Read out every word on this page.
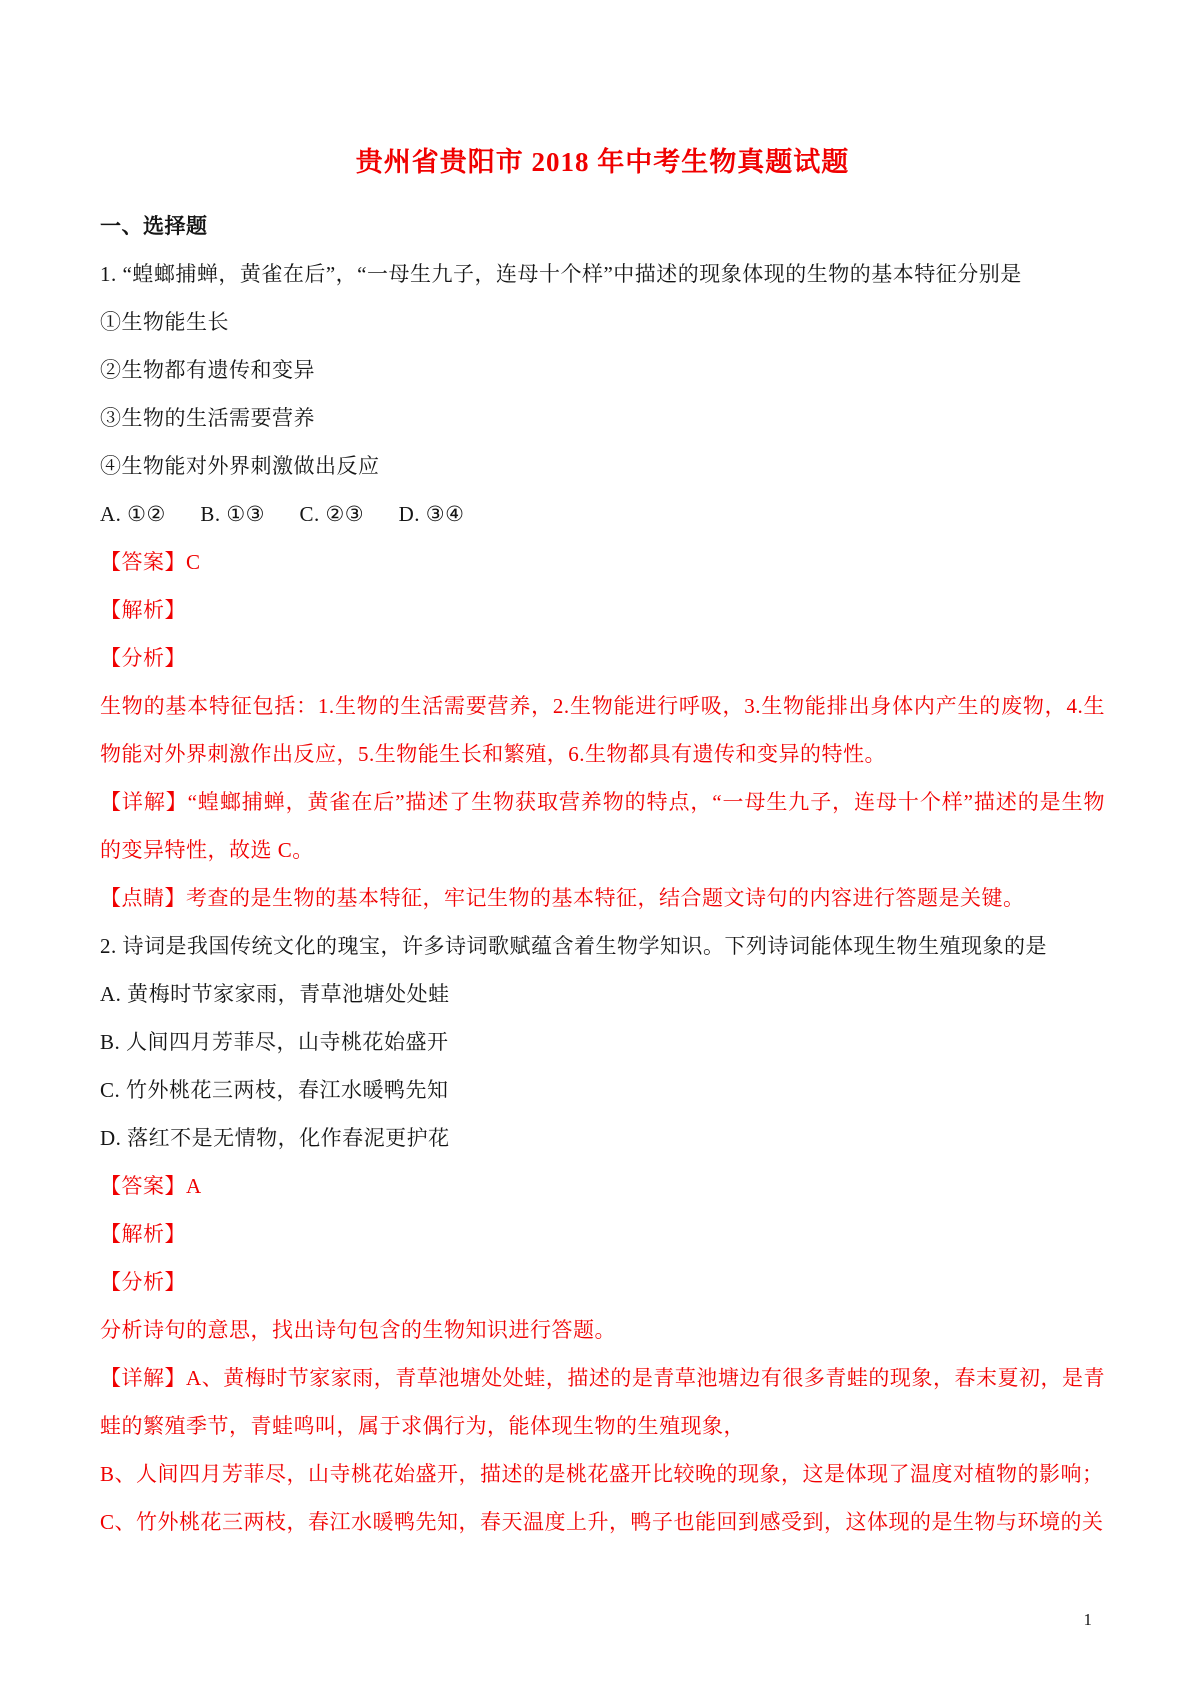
贵州省贵阳市 2018 年中考生物真题试题

一、选择题

1. “蝗螂捕蝉，黄雀在后”，“一母生九子，连母十个样”中描述的现象体现的生物的基本特征分别是

①生物能生长

②生物都有遗传和变异

③生物的生活需要营养

④生物能对外界刺激做出反应

A. ①②      B. ①③      C. ②③      D. ③④

【答案】C

【解析】

【分析】

生物的基本特征包括：1.生物的生活需要营养，2.生物能进行呼吸，3.生物能排出身体内产生的废物，4.生物能对外界刺激作出反应，5.生物能生长和繁殖，6.生物都具有遗传和变异的特性。

【详解】“蝗螂捕蝉，黄雀在后”描述了生物获取营养物的特点，“一母生九子，连母十个样”描述的是生物的变异特性，故选 C。

【点睛】考查的是生物的基本特征，牢记生物的基本特征，结合题文诗句的内容进行答题是关键。

2. 诗词是我国传统文化的瑰宝，许多诗词歌赋蕴含着生物学知识。下列诗词能体现生物生殖现象的是

A. 黄梅时节家家雨，青草池塘处处蛙

B. 人间四月芳菲尽，山寺桃花始盛开

C. 竹外桃花三两枝，春江水暖鸭先知

D. 落红不是无情物，化作春泥更护花

【答案】A

【解析】

【分析】

分析诗句的意思，找出诗句包含的生物知识进行答题。

【详解】A、黄梅时节家家雨，青草池塘处处蛙，描述的是青草池塘边有很多青蛙的现象，春末夏初，是青蛙的繁殖季节，青蛙鸣叫，属于求偶行为，能体现生物的生殖现象，

B、人间四月芳菲尽，山寺桃花始盛开，描述的是桃花盛开比较晚的现象，这是体现了温度对植物的影响；

C、竹外桃花三两枝，春江水暖鸭先知，春天温度上升，鸭子也能回到感受到，这体现的是生物与环境的关

1
